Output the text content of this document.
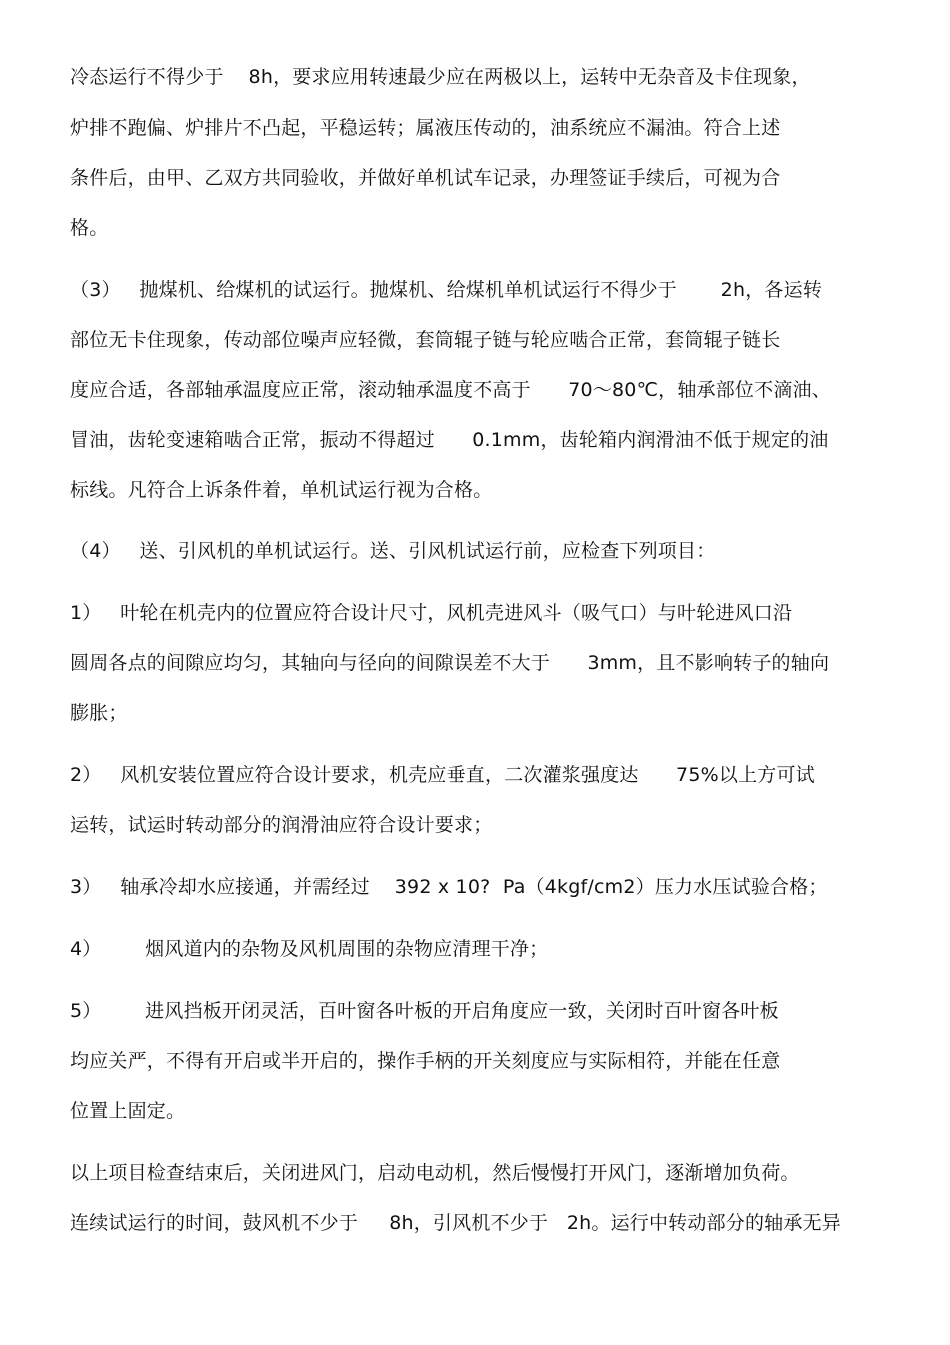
冷态运行不得少于    8h，要求应用转速最少应在两极以上，运转中无杂音及卡住现象，
炉排不跑偏、炉排片不凸起，平稳运转；属液压传动的，油系统应不漏油。符合上述
条件后，由甲、乙双方共同验收，并做好单机试车记录，办理签证手续后，可视为合
格。
（3）   抛煤机、给煤机的试运行。抛煤机、给煤机单机试运行不得少于       2h，各运转
部位无卡住现象，传动部位噪声应轻微，套筒辊子链与轮应啮合正常，套筒辊子链长
度应合适，各部轴承温度应正常，滚动轴承温度不高于      70～80℃，轴承部位不滴油、
冒油，齿轮变速箱啮合正常，振动不得超过      0.1mm，齿轮箱内润滑油不低于规定的油
标线。凡符合上诉条件着，单机试运行视为合格。
（4）   送、引风机的单机试运行。送、引风机试运行前，应检查下列项目：
1）   叶轮在机壳内的位置应符合设计尺寸，风机壳进风斗（吸气口）与叶轮进风口沿
圆周各点的间隙应均匀，其轴向与径向的间隙误差不大于      3mm，且不影响转子的轴向
膨胀；
2）   风机安装位置应符合设计要求，机壳应垂直，二次灌浆强度达      75%以上方可试
运转，试运时转动部分的润滑油应符合设计要求；
3）   轴承冷却水应接通，并需经过    392 x 10?  Pa（4kgf/cm2）压力水压试验合格；
4）       烟风道内的杂物及风机周围的杂物应清理干净；
5）       进风挡板开闭灵活，百叶窗各叶板的开启角度应一致，关闭时百叶窗各叶板
均应关严，不得有开启或半开启的，操作手柄的开关刻度应与实际相符，并能在任意
位置上固定。
以上项目检查结束后，关闭进风门，启动电动机，然后慢慢打开风门，逐渐增加负荷。
连续试运行的时间，鼓风机不少于     8h，引风机不少于   2h。运行中转动部分的轴承无异
